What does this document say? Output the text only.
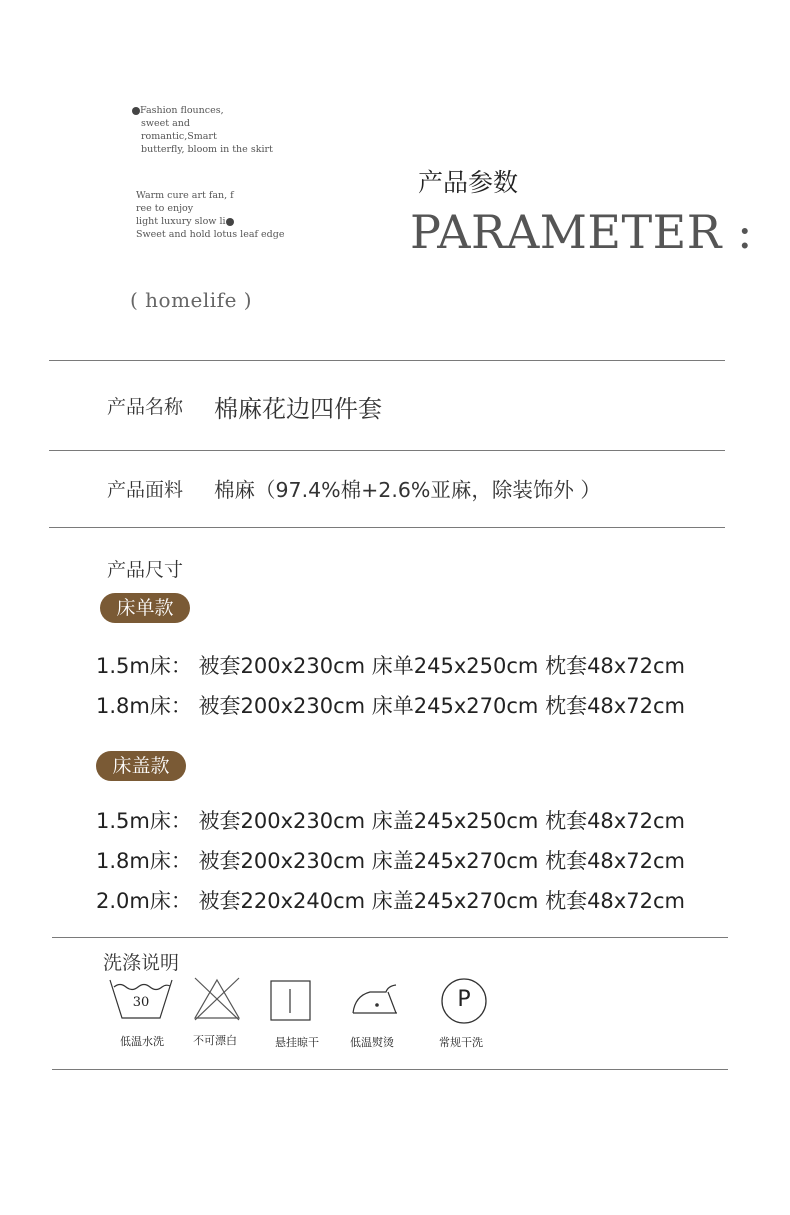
Fashion flounces,
sweet and
romantic,Smart
butterfly, bloom in the skirt
Warm cure art fan, f
ree to enjoy
light luxury slow li
Sweet and hold lotus leaf edge
( homelife )
产品参数
PARAMETER :
产品名称 棉麻花边四件套
产品面料 棉麻（97.4%棉+2.6%亚麻，除装饰外 ）
产品尺寸
床单款
1.5m床： 被套200x230cm 床单245x250cm 枕套48x72cm
1.8m床： 被套200x230cm 床单245x270cm 枕套48x72cm
床盖款
1.5m床： 被套200x230cm 床盖245x250cm 枕套48x72cm
1.8m床： 被套200x230cm 床盖245x270cm 枕套48x72cm
2.0m床： 被套220x240cm 床盖245x270cm 枕套48x72cm
洗涤说明
30	P
低温水洗	不可漂白	悬挂晾干	低温熨烫	常规干洗
